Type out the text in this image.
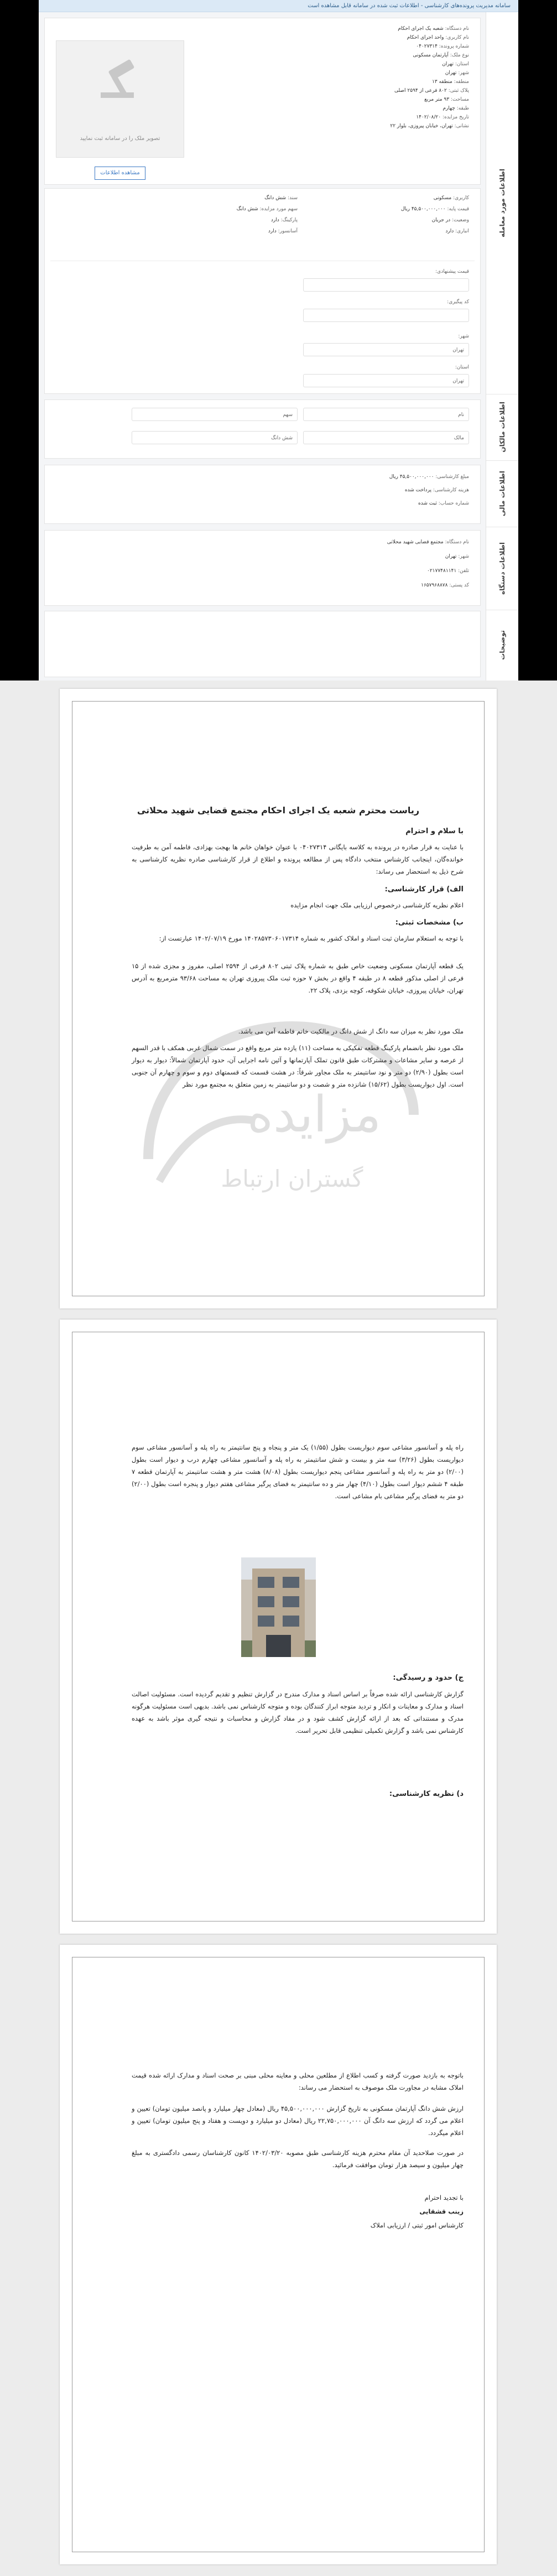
سامانه مدیریت پرونده‌های کارشناسی - اطلاعات ثبت شده در سامانه قابل مشاهده است
اطلاعات مورد معامله
اطلاعات مالکان
اطلاعات مالی
اطلاعات دستگاه
توضیحات
تصویر ملک را در سامانه ثبت نمایید
مشاهده اطلاعات
نام دستگاه: شعبه یک اجرای احکام
نام کاربری: واحد اجرای احکام
شماره پرونده: ۰۴۰۲۷۳۱۴
نوع ملک: آپارتمان مسکونی
استان: تهران
شهر: تهران
منطقه: منطقه ۱۳
پلاک ثبتی: ۸۰۲ فرعی از ۲۵۹۴ اصلی
مساحت: ۹۳ متر مربع
طبقه: چهارم
تاریخ مزایده: ۱۴۰۲/۰۸/۲۰
نشانی: تهران، خیابان پیروزی، بلوار ۲۲
کاربری: مسکونی
سند: شش دانگ
قیمت پایه: ۴۵,۵۰۰,۰۰۰,۰۰۰ ریال
سهم مورد مزایده: شش دانگ
وضعیت: در جریان
پارکینگ: دارد
انباری: دارد
آسانسور: دارد
قیمت پیشنهادی:
کد پیگیری:
شهر:
تهران
استان:
تهران
نام
سهم
مالک
شش دانگ
مبلغ کارشناسی: ۴۵,۵۰۰,۰۰۰,۰۰۰ ریال
هزینه کارشناسی: پرداخت شده
شماره حساب: ثبت شده
نام دستگاه: مجتمع قضایی شهید محلاتی
شهر: تهران
تلفن: ۰۲۱۷۷۴۸۱۱۴۱
کد پستی: ۱۶۵۷۹۶۸۸۷۸
ریاست محترم شعبه یک اجرای احکام مجتمع قضایی شهید محلاتی
با سلام و احترام
با عنایت به قرار صادره در پرونده به کلاسه بایگانی ۰۴۰۲۷۳۱۴ با عنوان خواهان خانم ها بهجت بهزادی، فاطمه آمن به طرفیت خوانده‌گان، اینجانب کارشناس منتخب دادگاه پس از مطالعه پرونده و اطلاع از قرار کارشناسی صادره نظریه کارشناسی به شرح ذیل به استحضار می رساند:
الف) قرار کارشناسی:
اعلام نظریه کارشناسی درخصوص ارزیابی ملک جهت انجام مزایده
ب) مشخصات ثبتی:
با توجه به استعلام سازمان ثبت اسناد و املاک کشور به شماره ۱۴۰۲۸۵۷۳۰۶۰۱۷۳۱۴ مورخ ۱۴۰۲/۰۷/۱۹ عبارتست از:
یک قطعه آپارتمان مسکونی وضعیت خاص طبق به شماره پلاک ثبتی ۸۰۲ فرعی از ۲۵۹۴ اصلی، مفروز و مجزی شده از ۱۵ فرعی از اصلی مذکور قطعه ۸ در طبقه ۴ واقع در بخش ۷ حوزه ثبت ملک پیروزی تهران به مساحت ۹۳/۶۸ مترمربع به آدرس تهران، خیابان پیروزی، خیابان شکوفه، کوچه بزدی، پلاک ۲۲.
ملک مورد نظر به میزان سه دانگ از شش دانگ در مالکیت خانم فاطمه آمن می باشد.
ملک مورد نظر بانضمام پارکینگ قطعه تفکیکی به مساحت (۱۱) یازده متر مربع واقع در سمت شمال غربی همکف با قدر السهم از عرصه و سایر مشاعات و مشترکات طبق قانون تملک آپارتمانها و آئین نامه اجرایی آن، حدود آپارتمان شمالاً: دیوار به دیوار است بطول (۲/۹۰) دو متر و نود سانتیمتر به ملک مجاور شرقاً: در هشت قسمت که قسمتهای دوم و سوم و چهارم آن جنوبی است. اول دیواریست بطول (۱۵/۶۲) شانزده متر و شصت و دو سانتیمتر به زمین متعلق به مجتمع مورد نظر
مزایده
گستران ارتباط
راه پله و آسانسور مشاعی سوم دیواریست بطول (۱/۵۵) یک متر و پنجاه و پنج سانتیمتر به راه پله و آسانسور مشاعی سوم دیواریست بطول (۳/۲۶) سه متر و بیست و شش سانتیمتر به راه پله و آسانسور مشاعی چهارم درب و دیوار است بطول (۲/۰۰) دو متر به راه پله و آسانسور مشاعی پنجم دیواریست بطول (۸/۰۸) هشت متر و هشت سانتیمتر به آپارتمان قطعه ۷ طبقه ۴ ششم دیوار است بطول (۴/۱۰) چهار متر و ده سانتیمتر به فضای پرگیر مشاعی هفتم دیوار و پنجره است بطول (۲/۰۰) دو متر به فضای پرگیر مشاعی بام مشاعی است.
ج) حدود و رسیدگی:
گزارش کارشناسی ارائه شده صرفاً بر اساس اسناد و مدارک مندرج در گزارش تنظیم و تقدیم گردیده است. مسئولیت اصالت اسناد و مدارک و معاینات و انکار و تردید متوجه ابراز کنندگان بوده و متوجه کارشناس نمی باشد. بدیهی است مسئولیت هرگونه مدرک و مستنداتی که بعد از ارائه گزارش کشف شود و در مفاد گزارش و محاسبات و نتیجه گیری موثر باشد به عهده کارشناس نمی باشد و گزارش تکمیلی تنظیمی قابل تحریر است.
د) نظریه کارشناسی:
باتوجه به بازدید صورت گرفته و کسب اطلاع از مطلعین محلی و معاینه محلی مبنی بر صحت اسناد و مدارک ارائه شده قیمت املاک مشابه در مجاورت ملک موصوف به استحضار می رساند:
ارزش شش دانگ آپارتمان مسکونی به تاریخ گزارش ۴۵,۵۰۰,۰۰۰,۰۰۰ ریال (معادل چهار میلیارد و پانصد میلیون تومان) تعیین و اعلام می گردد که ارزش سه دانگ آن ۲۲,۷۵۰,۰۰۰,۰۰۰ ریال (معادل دو میلیارد و دویست و هفتاد و پنج میلیون تومان) تعیین و اعلام میگردد.
در صورت صلاحدید آن مقام محترم هزینه کارشناسی طبق مصوبه ۱۴۰۲/۰۳/۲۰ کانون کارشناسان رسمی دادگستری به مبلغ چهار میلیون و سیصد هزار تومان موافقت فرمائید.
با تجدید احترام
زینب قشقایی
کارشناس امور ثبتی / ارزیابی املاک
